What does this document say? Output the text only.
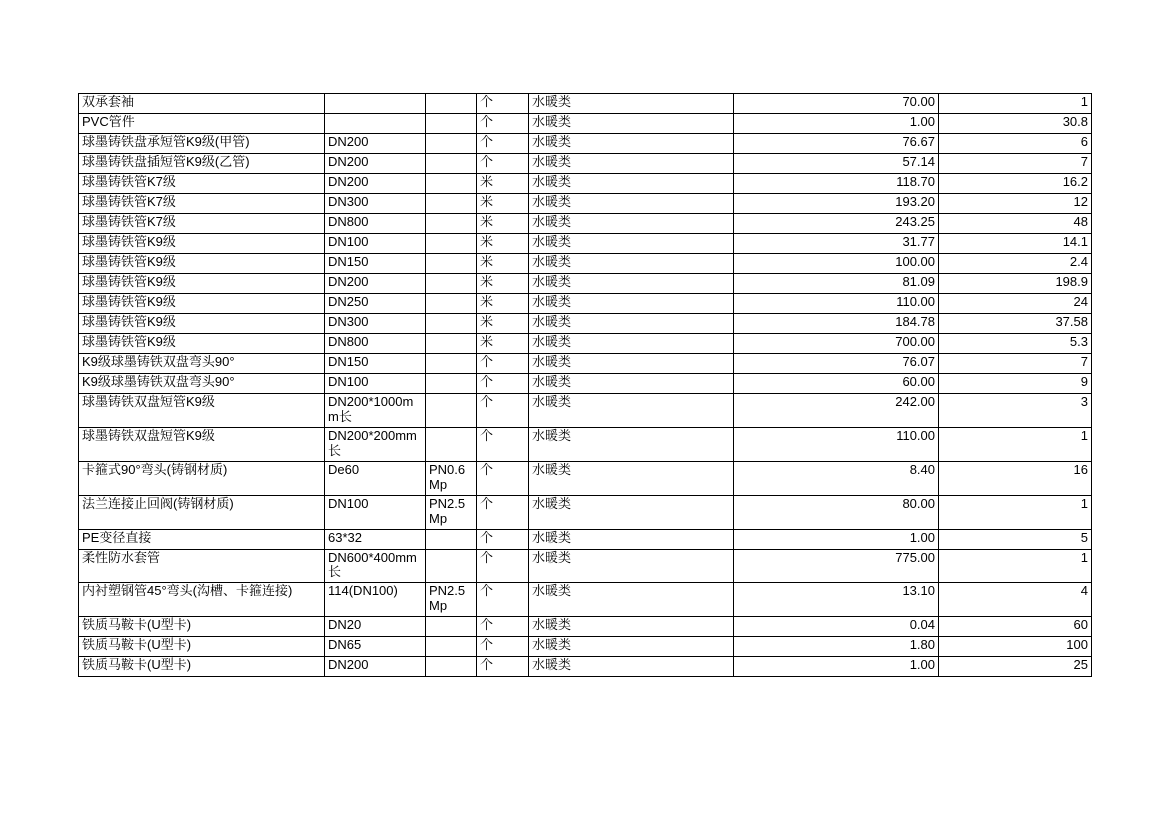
双承套袖			个	水暖类	70.00	1
PVC管件			个	水暖类	1.00	30.8
球墨铸铁盘承短管K9级(甲管)	DN200		个	水暖类	76.67	6
球墨铸铁盘插短管K9级(乙管)	DN200		个	水暖类	57.14	7
球墨铸铁管K7级	DN200		米	水暖类	118.70	16.2
球墨铸铁管K7级	DN300		米	水暖类	193.20	12
球墨铸铁管K7级	DN800		米	水暖类	243.25	48
球墨铸铁管K9级	DN100		米	水暖类	31.77	14.1
球墨铸铁管K9级	DN150		米	水暖类	100.00	2.4
球墨铸铁管K9级	DN200		米	水暖类	81.09	198.9
球墨铸铁管K9级	DN250		米	水暖类	110.00	24
球墨铸铁管K9级	DN300		米	水暖类	184.78	37.58
球墨铸铁管K9级	DN800		米	水暖类	700.00	5.3
K9级球墨铸铁双盘弯头90°	DN150		个	水暖类	76.07	7
K9级球墨铸铁双盘弯头90°	DN100		个	水暖类	60.00	9
球墨铸铁双盘短管K9级	DN200*1000mm长		个	水暖类	242.00	3
球墨铸铁双盘短管K9级	DN200*200mm长		个	水暖类	110.00	1
卡箍式90°弯头(铸钢材质)	De60	PN0.6Mp	个	水暖类	8.40	16
法兰连接止回阀(铸钢材质)	DN100	PN2.5Mp	个	水暖类	80.00	1
PE变径直接	63*32		个	水暖类	1.00	5
柔性防水套管	DN600*400mm长		个	水暖类	775.00	1
内衬塑钢管45°弯头(沟槽、卡箍连接)	114(DN100)	PN2.5Mp	个	水暖类	13.10	4
铁质马鞍卡(U型卡)	DN20		个	水暖类	0.04	60
铁质马鞍卡(U型卡)	DN65		个	水暖类	1.80	100
铁质马鞍卡(U型卡)	DN200		个	水暖类	1.00	25
